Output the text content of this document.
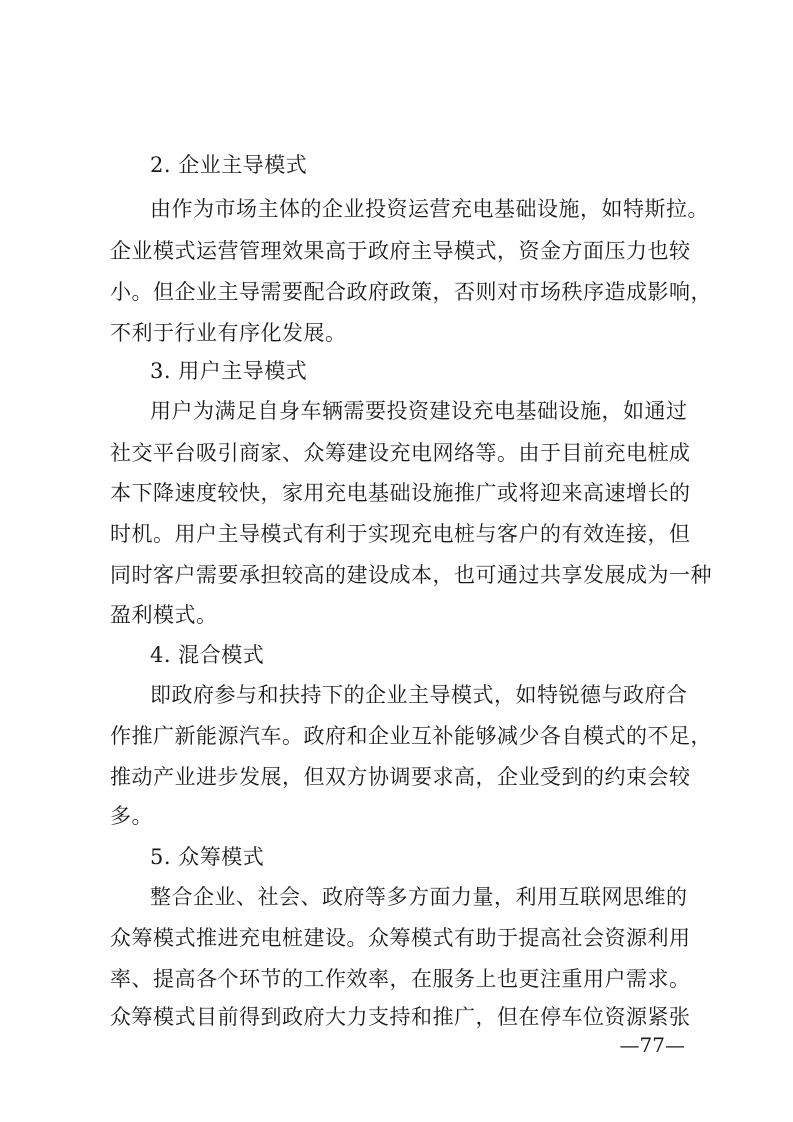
2. 企业主导模式
由作为市场主体的企业投资运营充电基础设施，如特斯拉。
企业模式运营管理效果高于政府主导模式，资金方面压力也较
小。但企业主导需要配合政府政策，否则对市场秩序造成影响，
不利于行业有序化发展。
3. 用户主导模式
用户为满足自身车辆需要投资建设充电基础设施，如通过
社交平台吸引商家、众筹建设充电网络等。由于目前充电桩成
本下降速度较快，家用充电基础设施推广或将迎来高速增长的
时机。用户主导模式有利于实现充电桩与客户的有效连接，但
同时客户需要承担较高的建设成本，也可通过共享发展成为一种
盈利模式。
4. 混合模式
即政府参与和扶持下的企业主导模式，如特锐德与政府合
作推广新能源汽车。政府和企业互补能够减少各自模式的不足，
推动产业进步发展，但双方协调要求高，企业受到的约束会较
多。
5. 众筹模式
整合企业、社会、政府等多方面力量，利用互联网思维的
众筹模式推进充电桩建设。众筹模式有助于提高社会资源利用
率、提高各个环节的工作效率，在服务上也更注重用户需求。
众筹模式目前得到政府大力支持和推广，但在停车位资源紧张
—77—
